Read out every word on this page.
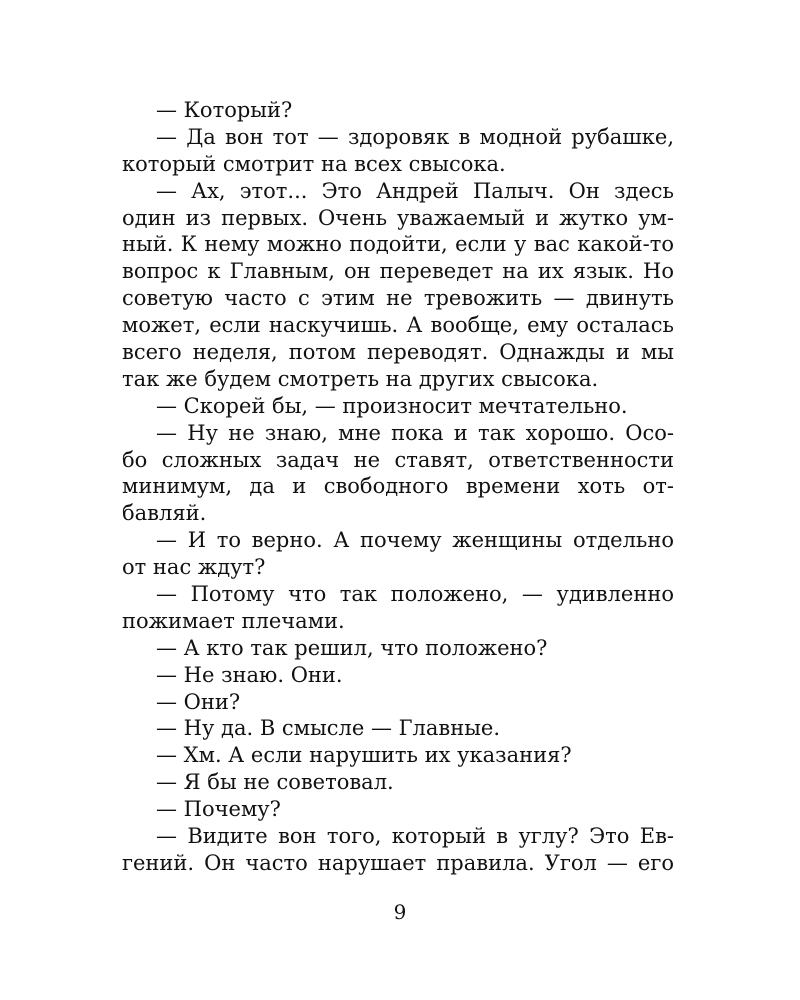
— Который?
— Да вон тот — здоровяк в модной рубашке,
который смотрит на всех свысока.
— Ах, этот... Это Андрей Палыч. Он здесь
один из первых. Очень уважаемый и жутко ум-
ный. К нему можно подойти, если у вас какой-то
вопрос к Главным, он переведет на их язык. Но
советую часто с этим не тревожить — двинуть
может, если наскучишь. А вообще, ему осталась
всего неделя, потом переводят. Однажды и мы
так же будем смотреть на других свысока.
— Скорей бы, — произносит мечтательно.
— Ну не знаю, мне пока и так хорошо. Осо-
бо сложных задач не ставят, ответственности
минимум, да и свободного времени хоть от-
бавляй.
— И то верно. А почему женщины отдельно
от нас ждут?
— Потому что так положено, — удивленно
пожимает плечами.
— А кто так решил, что положено?
— Не знаю. Они.
— Они?
— Ну да. В смысле — Главные.
— Хм. А если нарушить их указания?
— Я бы не советовал.
— Почему?
— Видите вон того, который в углу? Это Ев-
гений. Он часто нарушает правила. Угол — его
9
